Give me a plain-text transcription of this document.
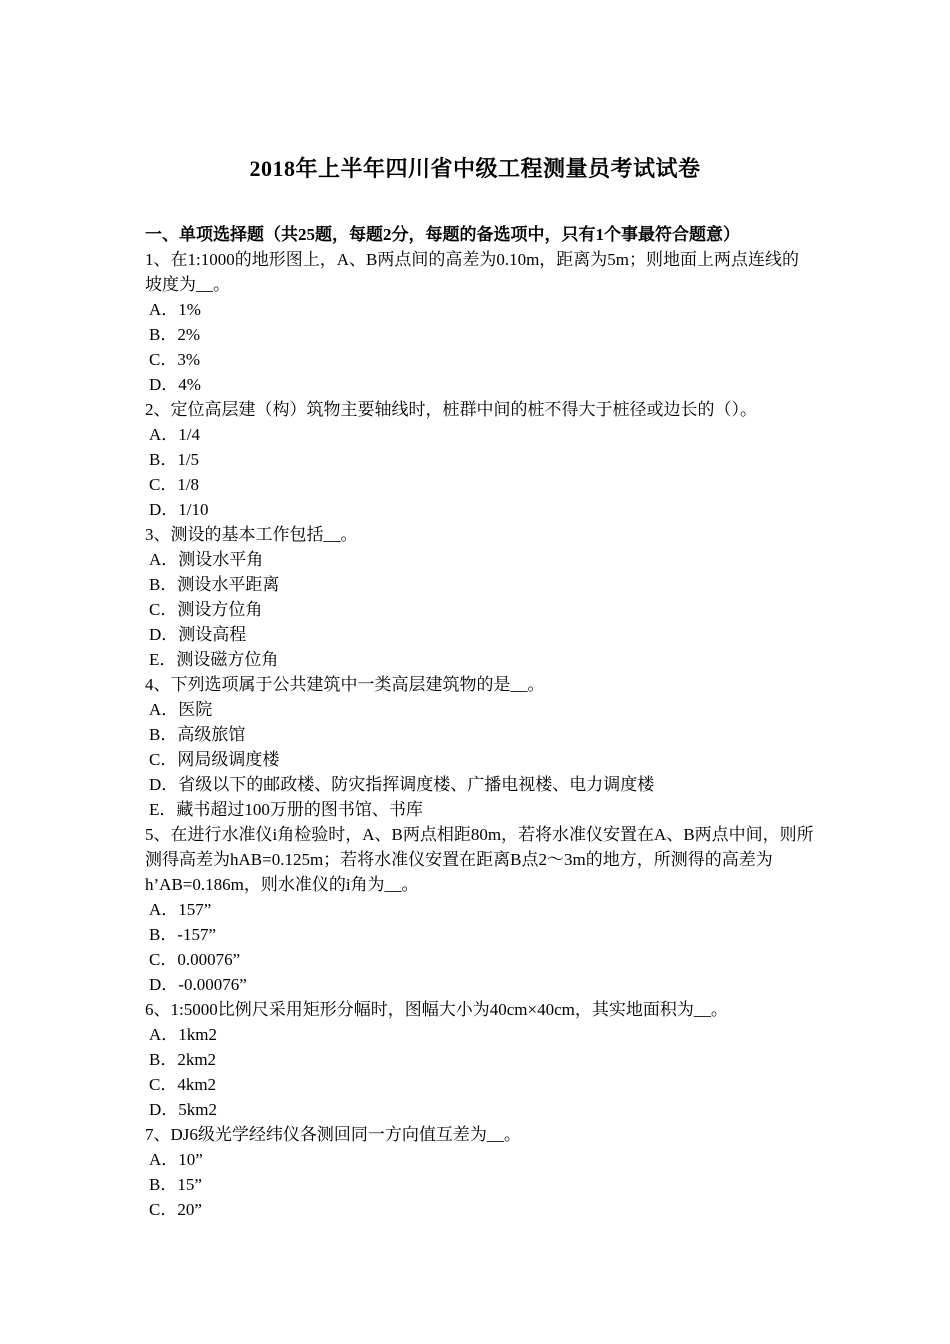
2018年上半年四川省中级工程测量员考试试卷
一、单项选择题（共25题，每题2分，每题的备选项中，只有1个事最符合题意）
1、在1:1000的地形图上，A、B两点间的高差为0.10m，距离为5m；则地面上两点连线的坡度为__。
A．1%
B．2%
C．3%
D．4%
2、定位高层建（构）筑物主要轴线时，桩群中间的桩不得大于桩径或边长的（）。
A．1/4
B．1/5
C．1/8
D．1/10
3、测设的基本工作包括__。
A．测设水平角
B．测设水平距离
C．测设方位角
D．测设高程
E．测设磁方位角
4、下列选项属于公共建筑中一类高层建筑物的是__。
A．医院
B．高级旅馆
C．网局级调度楼
D．省级以下的邮政楼、防灾指挥调度楼、广播电视楼、电力调度楼
E．藏书超过100万册的图书馆、书库
5、在进行水准仪i角检验时，A、B两点相距80m，若将水准仪安置在A、B两点中间，则所测得高差为hAB=0.125m；若将水准仪安置在距离B点2～3m的地方，所测得的高差为h’AB=0.186m，则水准仪的i角为__。
A．157”
B．-157”
C．0.00076”
D．-0.00076”
6、1:5000比例尺采用矩形分幅时，图幅大小为40cm×40cm，其实地面积为__。
A．1km2
B．2km2
C．4km2
D．5km2
7、DJ6级光学经纬仪各测回同一方向值互差为__。
A．10”
B．15”
C．20”
